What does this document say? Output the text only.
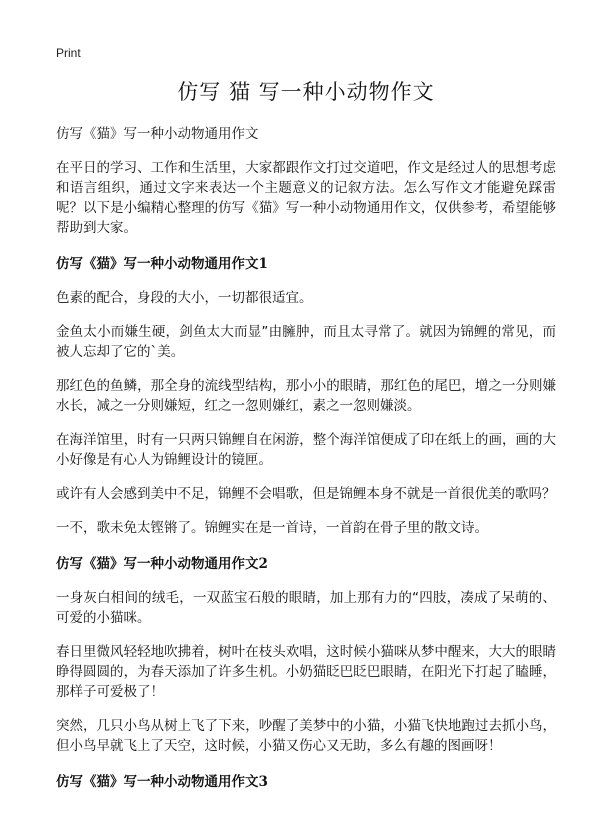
Print
仿写 猫 写一种小动物作文

仿写《猫》写一种小动物通用作文

在平日的学习、工作和生活里，大家都跟作文打过交道吧，作文是经过人的思想考虑和语言组织，通过文字来表达一个主题意义的记叙方法。怎么写作文才能避免踩雷呢？以下是小编精心整理的仿写《猫》写一种小动物通用作文，仅供参考，希望能够帮助到大家。

仿写《猫》写一种小动物通用作文1

色素的配合，身段的大小，一切都很适宜。

金鱼太小而嫌生硬，剑鱼太大而显”由臃肿，而且太寻常了。就因为锦鲤的常见，而被人忘却了它的`美。

那红色的鱼鳞，那全身的流线型结构，那小小的眼睛，那红色的尾巴，增之一分则嫌水长，减之一分则嫌短，红之一忽则嫌红，素之一忽则嫌淡。

在海洋馆里，时有一只两只锦鲤自在闲游，整个海洋馆便成了印在纸上的画，画的大小好像是有心人为锦鲤设计的镜匣。

或许有人会感到美中不足，锦鲤不会唱歌，但是锦鲤本身不就是一首很优美的歌吗？

一不，歌未免太铿锵了。锦鲤实在是一首诗，一首韵在骨子里的散文诗。

仿写《猫》写一种小动物通用作文2

一身灰白相间的绒毛，一双蓝宝石般的眼睛，加上那有力的“四肢，凑成了呆萌的、可爱的小猫咪。

春日里微风轻轻地吹拂着，树叶在枝头欢唱，这时候小猫咪从梦中醒来，大大的眼睛睁得圆圆的，为春天添加了许多生机。小奶猫眨巴眨巴眼睛，在阳光下打起了瞌睡，那样子可爱极了！

突然，几只小鸟从树上飞了下来，吵醒了美梦中的小猫，小猫飞快地跑过去抓小鸟，但小鸟早就飞上了天空，这时候，小猫又伤心又无助，多么有趣的图画呀！

仿写《猫》写一种小动物通用作文3
